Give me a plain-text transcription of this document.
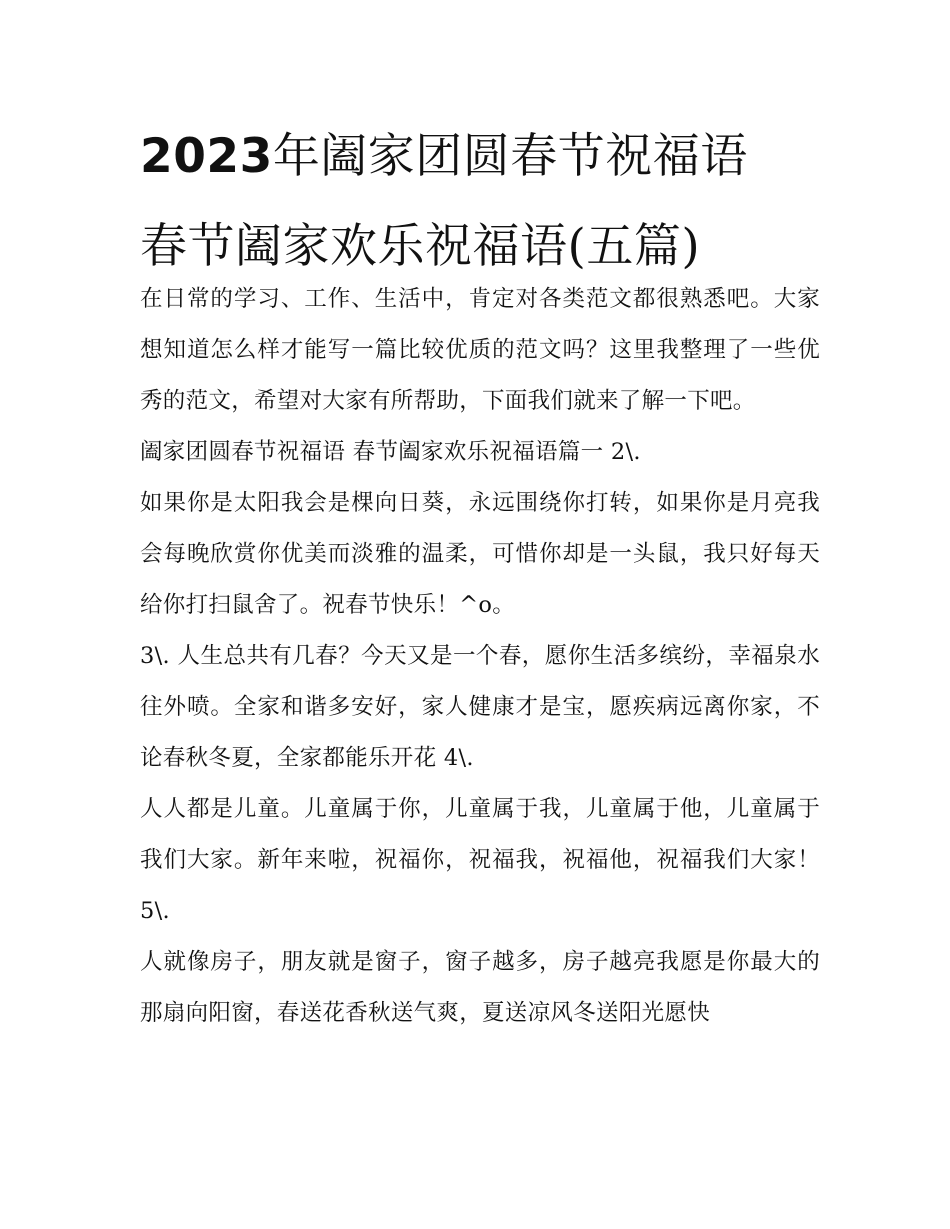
2023年阖家团圆春节祝福语
春节阖家欢乐祝福语(五篇)

在日常的学习、工作、生活中，肯定对各类范文都很熟悉吧。大家想知道怎么样才能写一篇比较优质的范文吗？这里我整理了一些优秀的范文，希望对大家有所帮助，下面我们就来了解一下吧。

阖家团圆春节祝福语 春节阖家欢乐祝福语篇一 2\.

如果你是太阳我会是棵向日葵，永远围绕你打转，如果你是月亮我会每晚欣赏你优美而淡雅的温柔，可惜你却是一头鼠，我只好每天给你打扫鼠舍了。祝春节快乐！^o。

3\. 人生总共有几春？今天又是一个春，愿你生活多缤纷，幸福泉水往外喷。全家和谐多安好，家人健康才是宝，愿疾病远离你家，不论春秋冬夏，全家都能乐开花 4\.

人人都是儿童。儿童属于你，儿童属于我，儿童属于他，儿童属于我们大家。新年来啦，祝福你，祝福我，祝福他，祝福我们大家！ 5\.

人就像房子，朋友就是窗子，窗子越多，房子越亮我愿是你最大的那扇向阳窗，春送花香秋送气爽，夏送凉风冬送阳光愿快
